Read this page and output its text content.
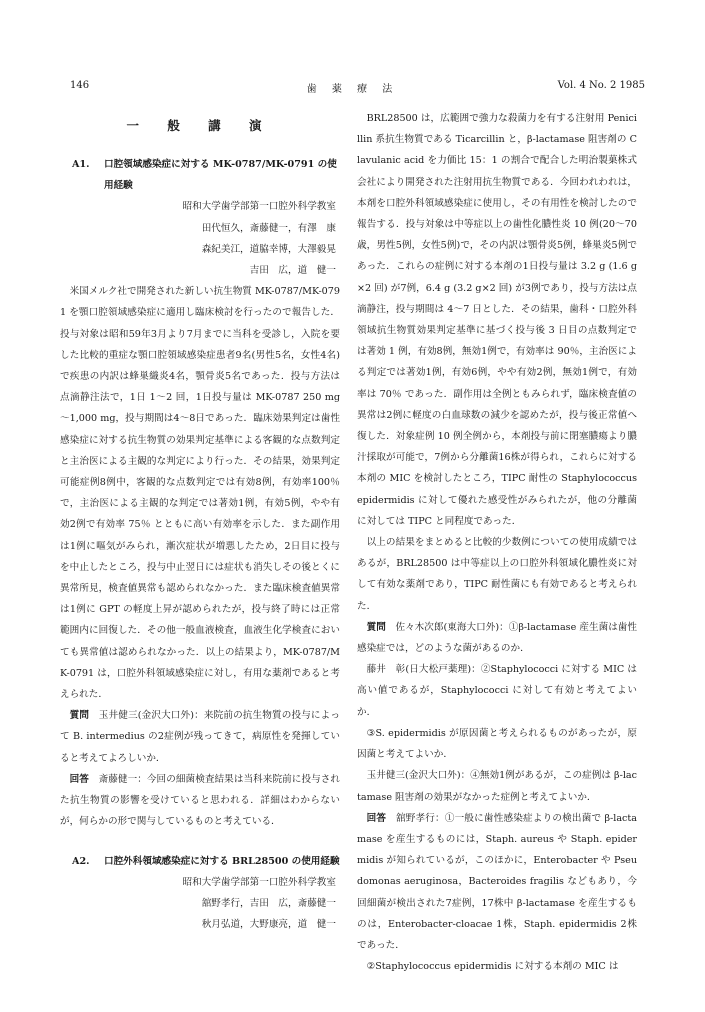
146	歯 薬 療 法	Vol. 4 No. 2 1985
一 般 講 演
A1.	口腔領域感染症に対する MK-0787/MK-0791 の使用経験
昭和大学歯学部第一口腔外科学教室
田代恒久，斎藤健一，有澤　康
森紀美江，道脇幸博，大澤毅晃
吉田　広，道　健一

米国メルク社で開発された新しい抗生物質 MK-0787/MK-0791 を顎口腔領域感染症に適用し臨床検討を行ったので報告した．投与対象は昭和59年3月より7月までに当科を受診し，入院を要した比較的重症な顎口腔領域感染症患者9名(男性5名，女性4名)で疾患の内訳は蜂巣織炎4名，顎骨炎5名であった．投与方法は点滴静注法で，1日 1～2 回，1日投与量は MK-0787 250 mg～1,000 mg，投与期間は4～8日であった．臨床効果判定は歯性感染症に対する抗生物質の効果判定基準による客観的な点数判定と主治医による主観的な判定により行った．その結果，効果判定可能症例8例中，客観的な点数判定では有効8例，有効率100％で，主治医による主観的な判定では著効1例，有効5例，やや有効2例で有効率 75％ とともに高い有効率を示した．また副作用は1例に嘔気がみられ，漸次症状が増悪したため，2日目に投与を中止したところ，投与中止翌日には症状も消失しその後とくに異常所見，検査値異常も認められなかった．また臨床検査値異常は1例に GPT の軽度上昇が認められたが，投与終了時には正常範囲内に回復した．その他一般血液検査，血液生化学検査においても異常値は認められなかった．以上の結果より，MK-0787/MK-0791 は，口腔外科領域感染症に対し，有用な薬剤であると考えられた．

質問　 玉井健三(金沢大口外)：来院前の抗生物質の投与によって B. intermedius の2症例が残ってきて，病原性を発揮していると考えてよろしいか．

回答　 斎藤健一：今回の細菌検査結果は当科来院前に投与された抗生物質の影響を受けていると思われる．詳細はわからないが，何らかの形で関与しているものと考えている．

A2.	口腔外科領域感染症に対する BRL28500 の使用経験
昭和大学歯学部第一口腔外科学教室
舘野孝行，吉田　広，斎藤健一
秋月弘道，大野康亮，道　健一

BRL28500 は，広範囲で強力な殺菌力を有する注射用 Penicillin 系抗生物質である Ticarcillin と，β-lactamase 阻害剤の Clavulanic acid を力価比 15：1 の割合で配合した明治製菓株式会社により開発された注射用抗生物質である．今回われわれは，本剤を口腔外科領域感染症に使用し，その有用性を検討したので報告する．投与対象は中等症以上の歯性化膿性炎 10 例(20～70 歳，男性5例，女性5例)で，その内訳は顎骨炎5例，蜂巣炎5例であった．これらの症例に対する本剤の1日投与量は 3.2 g (1.6 g×2 回) が7例，6.4 g (3.2 g×2 回) が3例であり，投与方法は点滴静注，投与期間は 4～7 日とした．その結果，歯科・口腔外科領域抗生物質効果判定基準に基づく投与後 3 日目の点数判定では著効 1 例，有効8例，無効1例で，有効率は 90％，主治医による判定では著効1例，有効6例，やや有効2例，無効1例で，有効率は 70％ であった．副作用は全例ともみられず，臨床検査値の異常は2例に軽度の白血球数の減少を認めたが，投与後正常値へ復した．対象症例 10 例全例から，本剤投与前に閉塞膿瘍より膿汁採取が可能で，7例から分離菌16株が得られ，これらに対する本剤の MIC を検討したところ，TIPC 耐性の Staphylococcus epidermidis に対して優れた感受性がみられたが，他の分離菌に対しては TIPC と同程度であった．

以上の結果をまとめると比較的少数例についての使用成績ではあるが，BRL28500 は中等症以上の口腔外科領域化膿性炎に対して有効な薬剤であり，TIPC 耐性菌にも有効であると考えられた．

質問　 佐々木次郎(東海大口外)：①β-lactamase 産生菌は歯性感染症では，どのような菌があるのか．

藤井　彰(日大松戸薬理)：②Staphylococci に対する MIC は高い値であるが，Staphylococci に対して有効と考えてよいか．

③S. epidermidis が原因菌と考えられるものがあったが，原因菌と考えてよいか．

玉井健三(金沢大口外)：④無効1例があるが，この症例は β-lactamase 阻害剤の効果がなかった症例と考えてよいか．

回答　 舘野孝行：①一般に歯性感染症よりの検出菌で β-lactamase を産生するものには，Staph. aureus や Staph. epidermidis が知られているが，このほかに，Enterobacter や Pseudomonas aeruginosa，Bacteroides fragilis などもあり，今回細菌が検出された7症例，17株中 β-lactamase を産生するものは，Enterobacter-cloacae 1株，Staph. epidermidis 2株であった．

②Staphylococcus epidermidis に対する本剤の MIC は
